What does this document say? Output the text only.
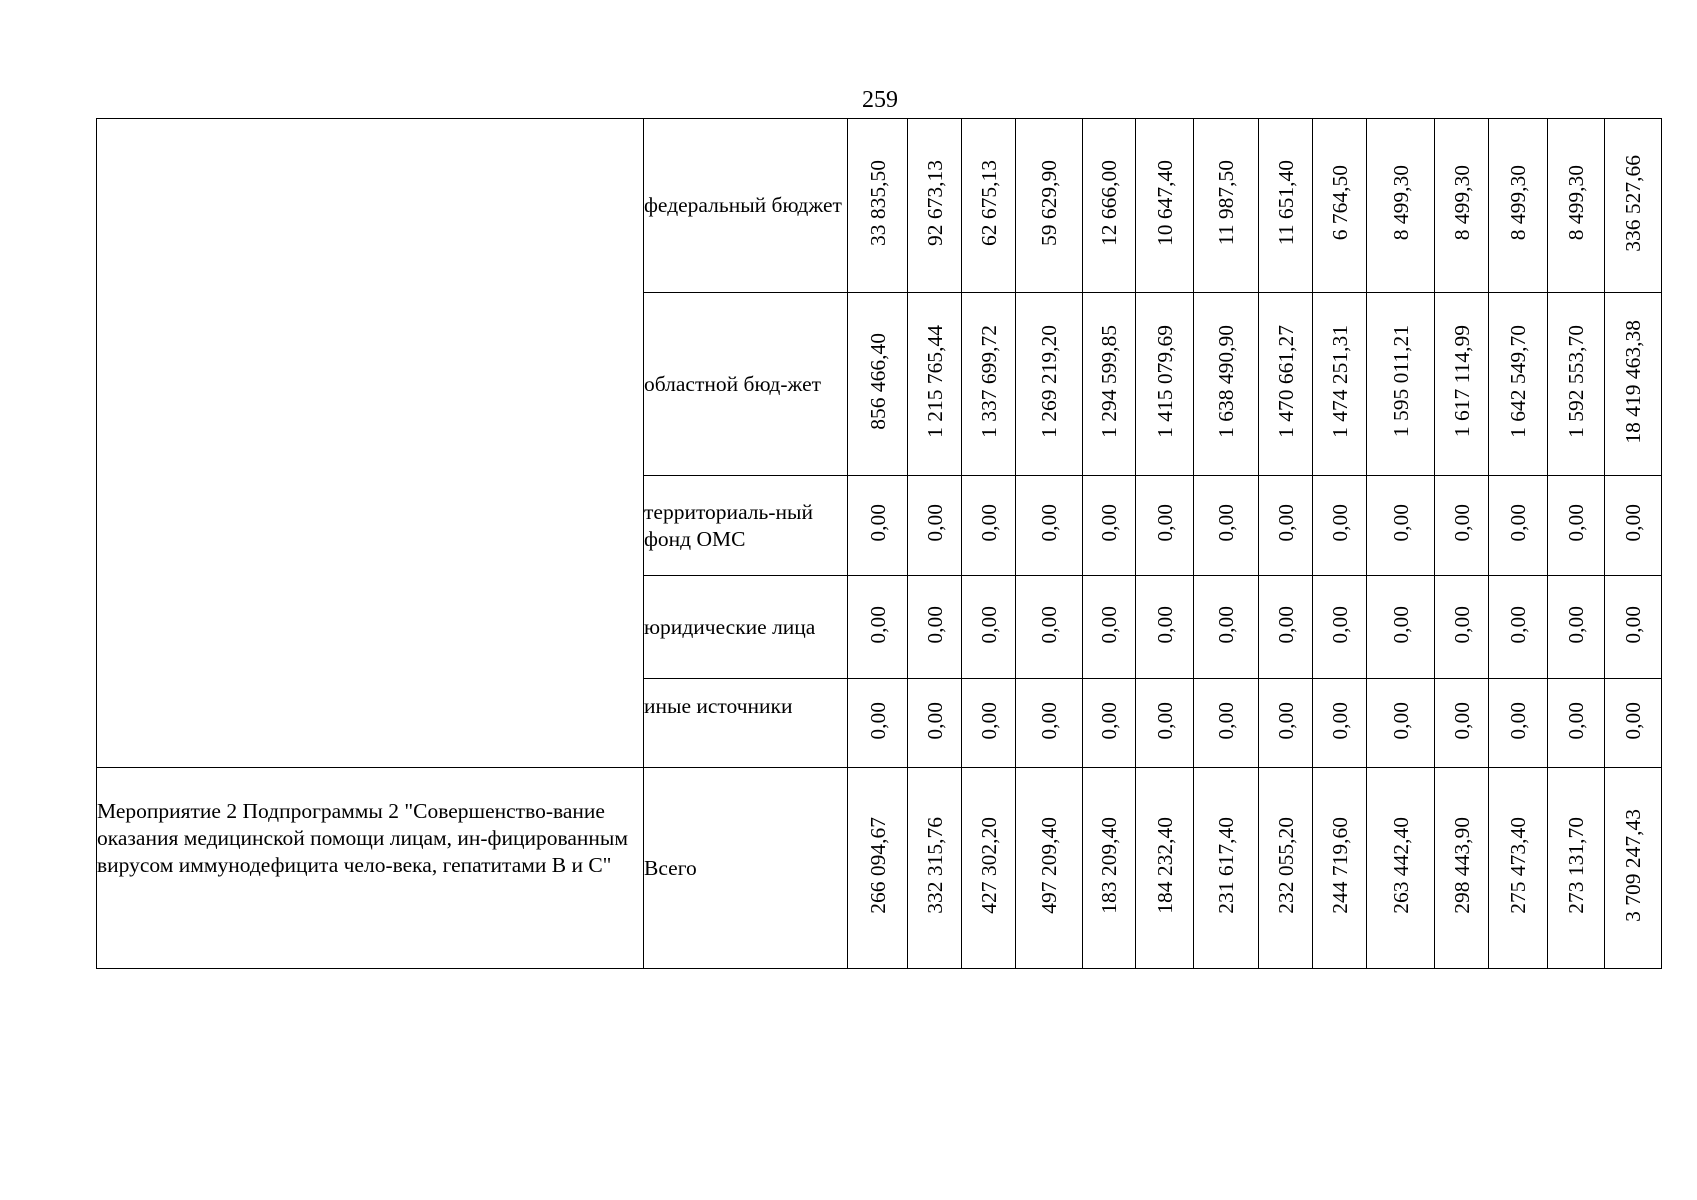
259
	федеральный бюджет	33 835,50	92 673,13	62 675,13	59 629,90	12 666,00	10 647,40	11 987,50	11 651,40	6 764,50	8 499,30	8 499,30	8 499,30	8 499,30	336 527,66
	областной бюд-жет	856 466,40	1 215 765,44	1 337 699,72	1 269 219,20	1 294 599,85	1 415 079,69	1 638 490,90	1 470 661,27	1 474 251,31	1 595 011,21	1 617 114,99	1 642 549,70	1 592 553,70	18 419 463,38
	территориаль-ный фонд ОМС	0,00	0,00	0,00	0,00	0,00	0,00	0,00	0,00	0,00	0,00	0,00	0,00	0,00	0,00
	юридические лица	0,00	0,00	0,00	0,00	0,00	0,00	0,00	0,00	0,00	0,00	0,00	0,00	0,00	0,00
	иные источники	0,00	0,00	0,00	0,00	0,00	0,00	0,00	0,00	0,00	0,00	0,00	0,00	0,00	0,00
Мероприятие 2 Подпрограммы 2 "Совершенство-вание оказания медицинской помощи лицам, ин-фицированным вирусом иммунодефицита чело-века, гепатитами В и С"	Всего	266 094,67	332 315,76	427 302,20	497 209,40	183 209,40	184 232,40	231 617,40	232 055,20	244 719,60	263 442,40	298 443,90	275 473,40	273 131,70	3 709 247,43
